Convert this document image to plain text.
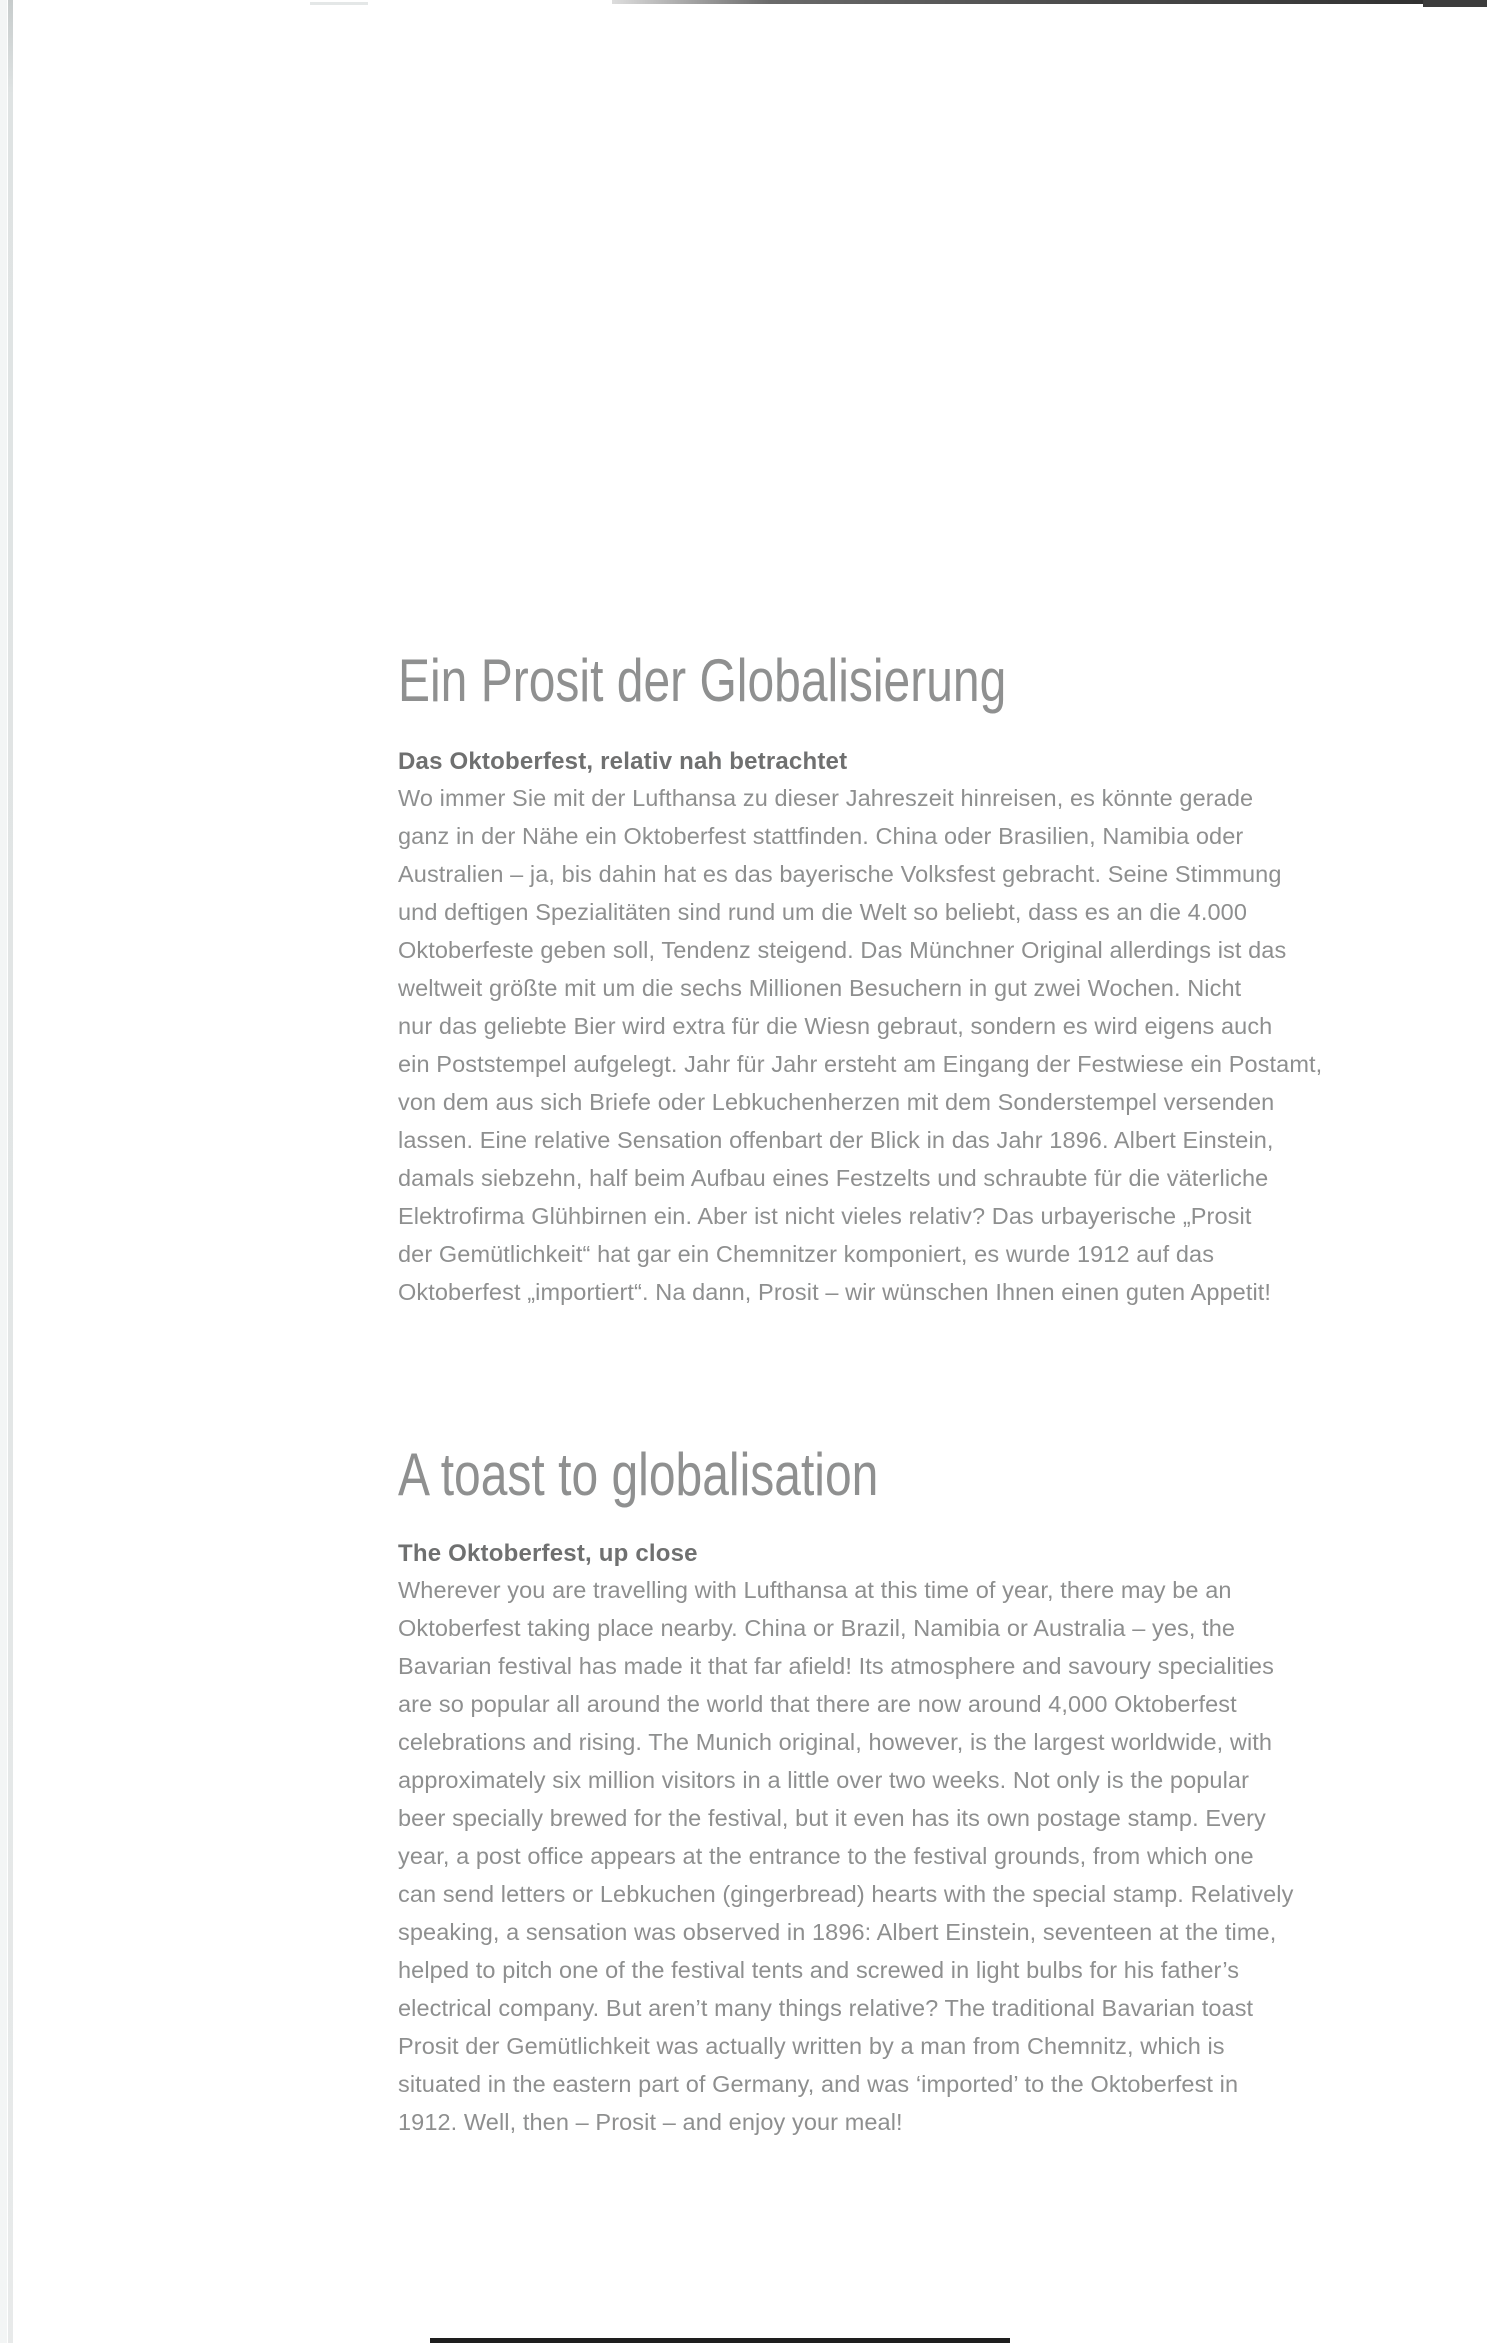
Ein Prosit der Globalisierung
Das Oktoberfest, relativ nah betrachtet
Wo immer Sie mit der Lufthansa zu dieser Jahreszeit hinreisen, es könnte gerade
ganz in der Nähe ein Oktoberfest stattfinden. China oder Brasilien, Namibia oder
Australien – ja, bis dahin hat es das bayerische Volksfest gebracht. Seine Stimmung
und deftigen Spezialitäten sind rund um die Welt so beliebt, dass es an die 4.000
Oktoberfeste geben soll, Tendenz steigend. Das Münchner Original allerdings ist das
weltweit größte mit um die sechs Millionen Besuchern in gut zwei Wochen. Nicht
nur das geliebte Bier wird extra für die Wiesn gebraut, sondern es wird eigens auch
ein Poststempel aufgelegt. Jahr für Jahr ersteht am Eingang der Festwiese ein Postamt,
von dem aus sich Briefe oder Lebkuchenherzen mit dem Sonderstempel versenden
lassen. Eine relative Sensation offenbart der Blick in das Jahr 1896. Albert Einstein,
damals siebzehn, half beim Aufbau eines Festzelts und schraubte für die väterliche
Elektrofirma Glühbirnen ein. Aber ist nicht vieles relativ? Das urbayerische „Prosit
der Gemütlichkeit“ hat gar ein Chemnitzer komponiert, es wurde 1912 auf das
Oktoberfest „importiert“. Na dann, Prosit – wir wünschen Ihnen einen guten Appetit!
A toast to globalisation
The Oktoberfest, up close
Wherever you are travelling with Lufthansa at this time of year, there may be an
Oktoberfest taking place nearby. China or Brazil, Namibia or Australia – yes, the
Bavarian festival has made it that far afield! Its atmosphere and savoury specialities
are so popular all around the world that there are now around 4,000 Oktoberfest
celebrations and rising. The Munich original, however, is the largest worldwide, with
approximately six million visitors in a little over two weeks. Not only is the popular
beer specially brewed for the festival, but it even has its own postage stamp. Every
year, a post office appears at the entrance to the festival grounds, from which one
can send letters or Lebkuchen (gingerbread) hearts with the special stamp. Relatively
speaking, a sensation was observed in 1896: Albert Einstein, seventeen at the time,
helped to pitch one of the festival tents and screwed in light bulbs for his father’s
electrical company. But aren’t many things relative? The traditional Bavarian toast
Prosit der Gemütlichkeit was actually written by a man from Chemnitz, which is
situated in the eastern part of Germany, and was ‘imported’ to the Oktoberfest in
1912. Well, then – Prosit – and enjoy your meal!
